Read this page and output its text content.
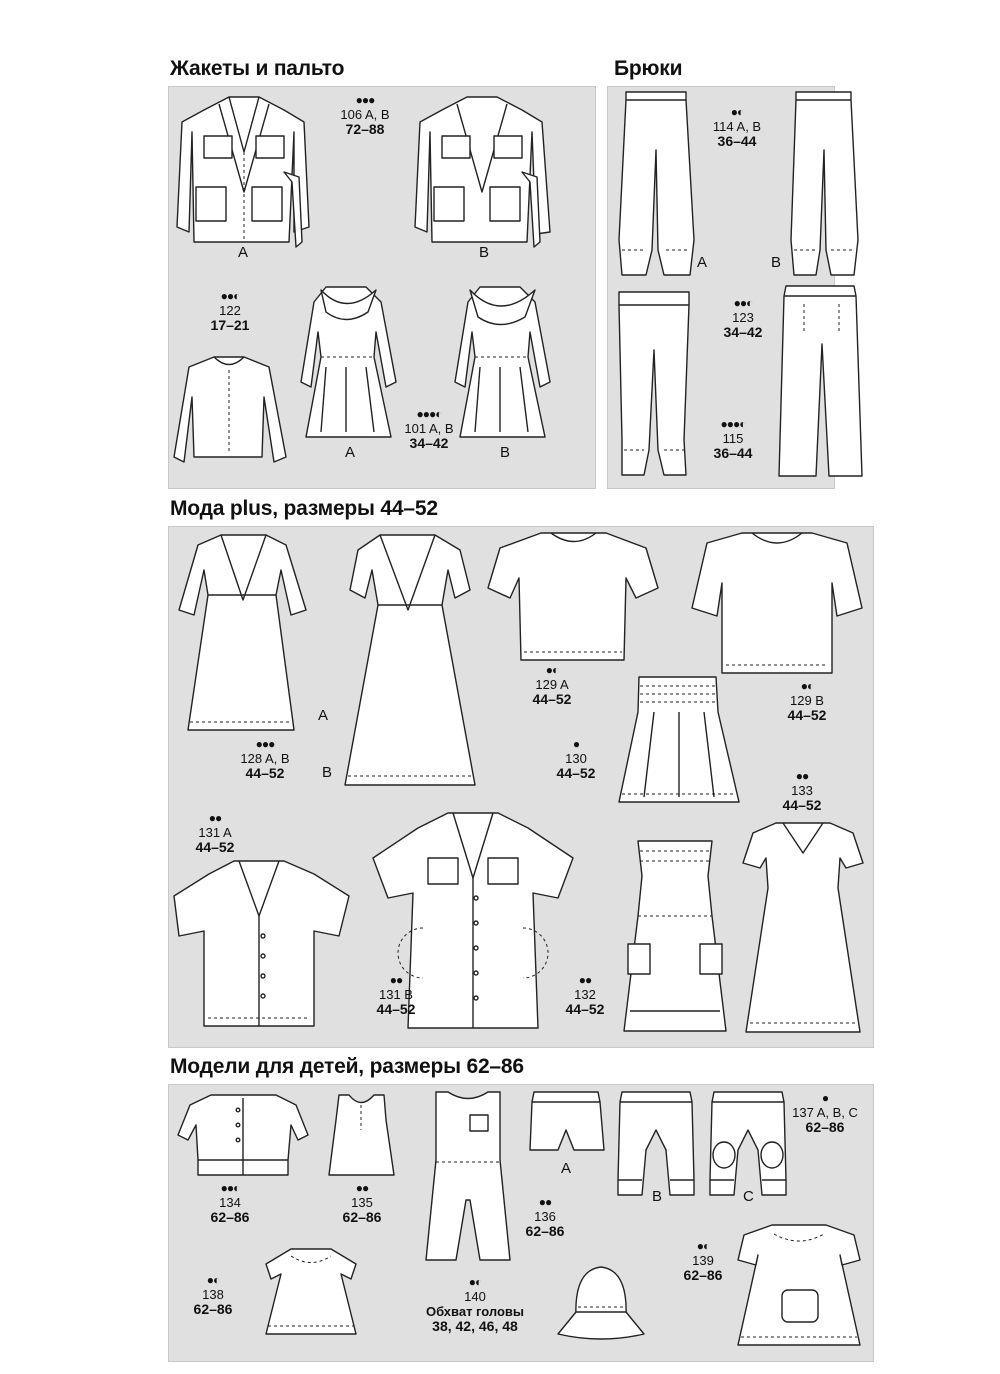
Жакеты и пальто	Брюки
Мода plus, размеры 44–52
Модели для детей, размеры 62–86
A
●●●
106 A, B
72–88
B
●●◐
122
17–21
A	B
●●●◐
101 A, B
34–42
A
●◐
114 A, B
36–44
B
●●◐
123
34–42
●●●◐
115
36–44
A
B
●●●
128 A, B
44–52
●◐
129 A
44–52
●◐
129 B
44–52
●
130
44–52	●●
133
44–52
●●
131 A
44–52
●●
131 B
44–52
●●
132
44–52
●●◐
134
62–86
●●
135
62–86
●●
136
62–86
A
B	C
●
137 A, B, C
62–86
●◐
138
62–86
●◐
140
Обхват головы
38, 42, 46, 48
●◐
139
62–86
